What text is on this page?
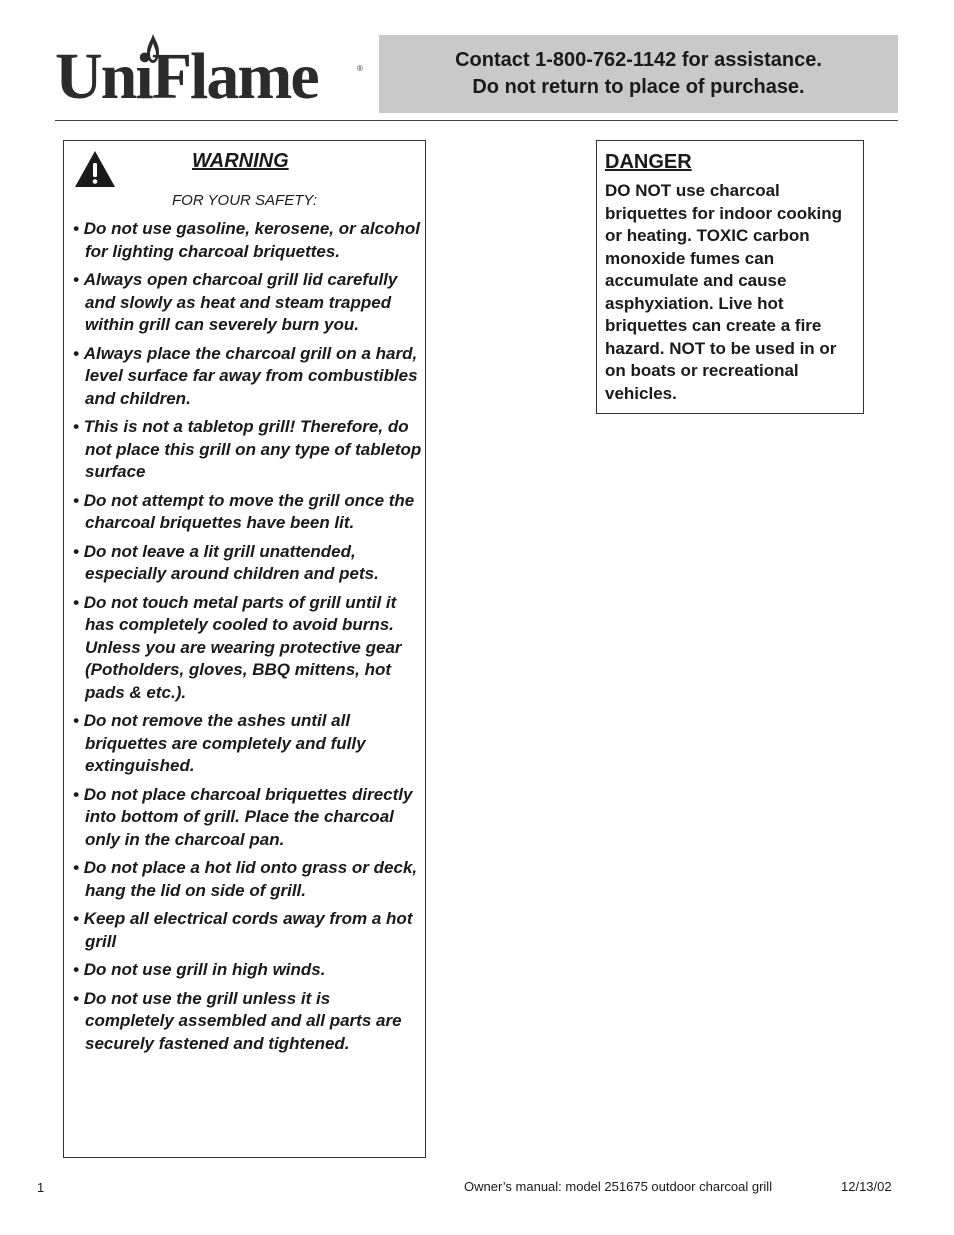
UniFlame	®	Contact 1-800-762-1142 for assistance.
Do not return to place of purchase.
WARNING
FOR YOUR SAFETY:
• Do not use gasoline, kerosene, or alcohol for lighting charcoal briquettes.
• Always open charcoal grill lid carefully and slowly as heat and steam trapped within grill can severely burn you.
• Always place the charcoal grill on a hard, level surface far away from combustibles and children.
• This is not a tabletop grill! Therefore, do not place this grill on any type of tabletop surface
• Do not attempt to move the grill once the charcoal briquettes have been lit.
• Do not leave a lit grill unattended, especially around children and pets.
• Do not touch metal parts of grill until it has completely cooled to avoid burns. Unless you are wearing protective gear (Potholders, gloves, BBQ mittens, hot pads & etc.).
• Do not remove the ashes until all briquettes are completely and fully extinguished.
• Do not place charcoal briquettes directly into bottom of grill. Place the charcoal only in the charcoal pan.
• Do not place a hot lid onto grass or deck, hang the lid on side of grill.
• Keep all electrical cords away from a hot grill
• Do not use grill in high winds.
• Do not use the grill unless it is completely assembled and all parts are securely fastened and tightened.
DANGER
DO NOT use charcoal briquettes for indoor cooking or heating. TOXIC carbon monoxide fumes can accumulate and cause asphyxiation. Live hot briquettes can create a fire hazard. NOT to be used in or on boats or recreational vehicles.
1	Owner’s manual: model 251675 outdoor charcoal grill	12/13/02
